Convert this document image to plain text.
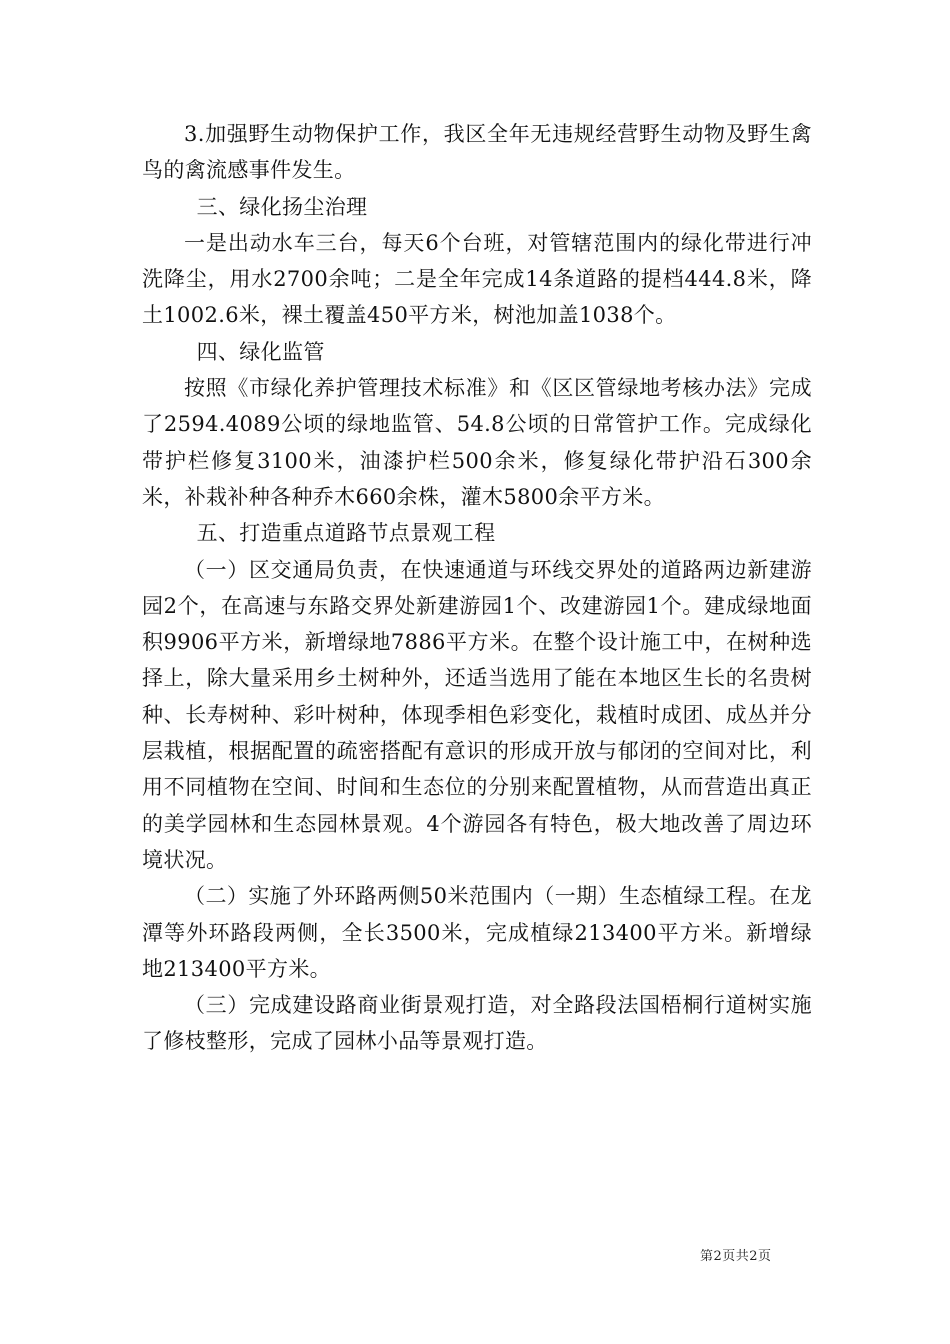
3.加强野生动物保护工作，我区全年无违规经营野生动物及野生禽鸟的禽流感事件发生。

三、绿化扬尘治理

一是出动水车三台，每天6个台班，对管辖范围内的绿化带进行冲洗降尘，用水2700余吨；二是全年完成14条道路的提档444.8米，降土1002.6米，裸土覆盖450平方米，树池加盖1038个。

四、绿化监管

按照《市绿化养护管理技术标准》和《区区管绿地考核办法》完成了2594.4089公顷的绿地监管、54.8公顷的日常管护工作。完成绿化带护栏修复3100米，油漆护栏500余米，修复绿化带护沿石300余米，补栽补种各种乔木660余株，灌木5800余平方米。

五、打造重点道路节点景观工程

（一）区交通局负责，在快速通道与环线交界处的道路两边新建游园2个，在高速与东路交界处新建游园1个、改建游园1个。建成绿地面积9906平方米，新增绿地7886平方米。在整个设计施工中，在树种选择上，除大量采用乡土树种外，还适当选用了能在本地区生长的名贵树种、长寿树种、彩叶树种，体现季相色彩变化，栽植时成团、成丛并分层栽植，根据配置的疏密搭配有意识的形成开放与郁闭的空间对比，利用不同植物在空间、时间和生态位的分别来配置植物，从而营造出真正的美学园林和生态园林景观。4个游园各有特色，极大地改善了周边环境状况。

（二）实施了外环路两侧50米范围内（一期）生态植绿工程。在龙潭等外环路段两侧，全长3500米，完成植绿213400平方米。新增绿地213400平方米。

（三）完成建设路商业街景观打造，对全路段法国梧桐行道树实施了修枝整形，完成了园林小品等景观打造。

第2页共2页
